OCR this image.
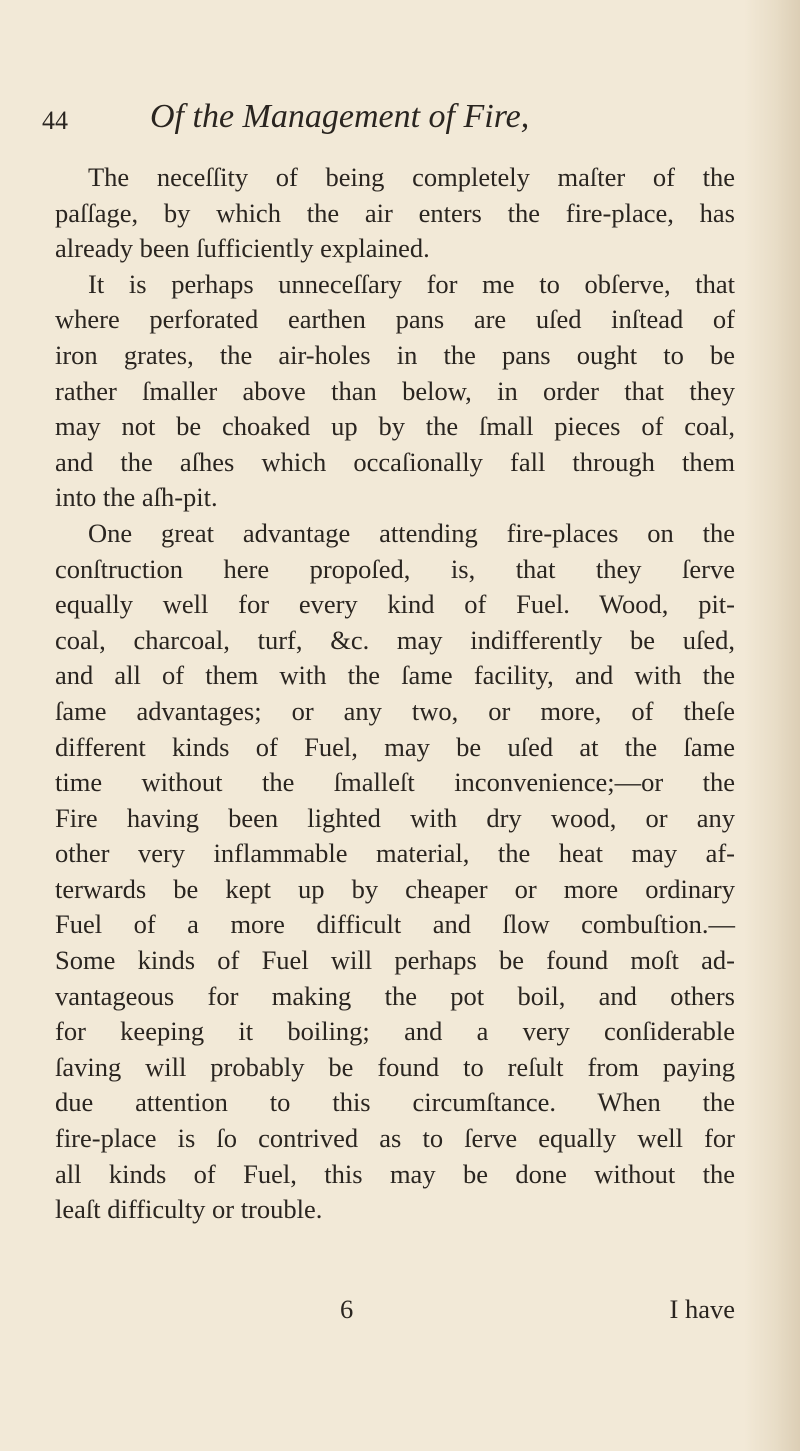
44 Of the Management of Fire,
The neceſſity of being completely maſter of the
paſſage, by which the air enters the fire-place, has
already been ſufficiently explained.
It is perhaps unneceſſary for me to obſerve, that
where perforated earthen pans are uſed inſtead of
iron grates, the air-holes in the pans ought to be
rather ſmaller above than below, in order that they
may not be choaked up by the ſmall pieces of coal,
and the aſhes which occaſionally fall through them
into the aſh-pit.
One great advantage attending fire-places on the
conſtruction here propoſed, is, that they ſerve
equally well for every kind of Fuel. Wood, pit-
coal, charcoal, turf, &c. may indifferently be uſed,
and all of them with the ſame facility, and with the
ſame advantages; or any two, or more, of theſe
different kinds of Fuel, may be uſed at the ſame
time without the ſmalleſt inconvenience;—or the
Fire having been lighted with dry wood, or any
other very inflammable material, the heat may af-
terwards be kept up by cheaper or more ordinary
Fuel of a more difficult and ſlow combuſtion.—
Some kinds of Fuel will perhaps be found moſt ad-
vantageous for making the pot boil, and others
for keeping it boiling; and a very conſiderable
ſaving will probably be found to reſult from paying
due attention to this circumſtance. When the
fire-place is ſo contrived as to ſerve equally well for
all kinds of Fuel, this may be done without the
leaſt difficulty or trouble.
6	I have
